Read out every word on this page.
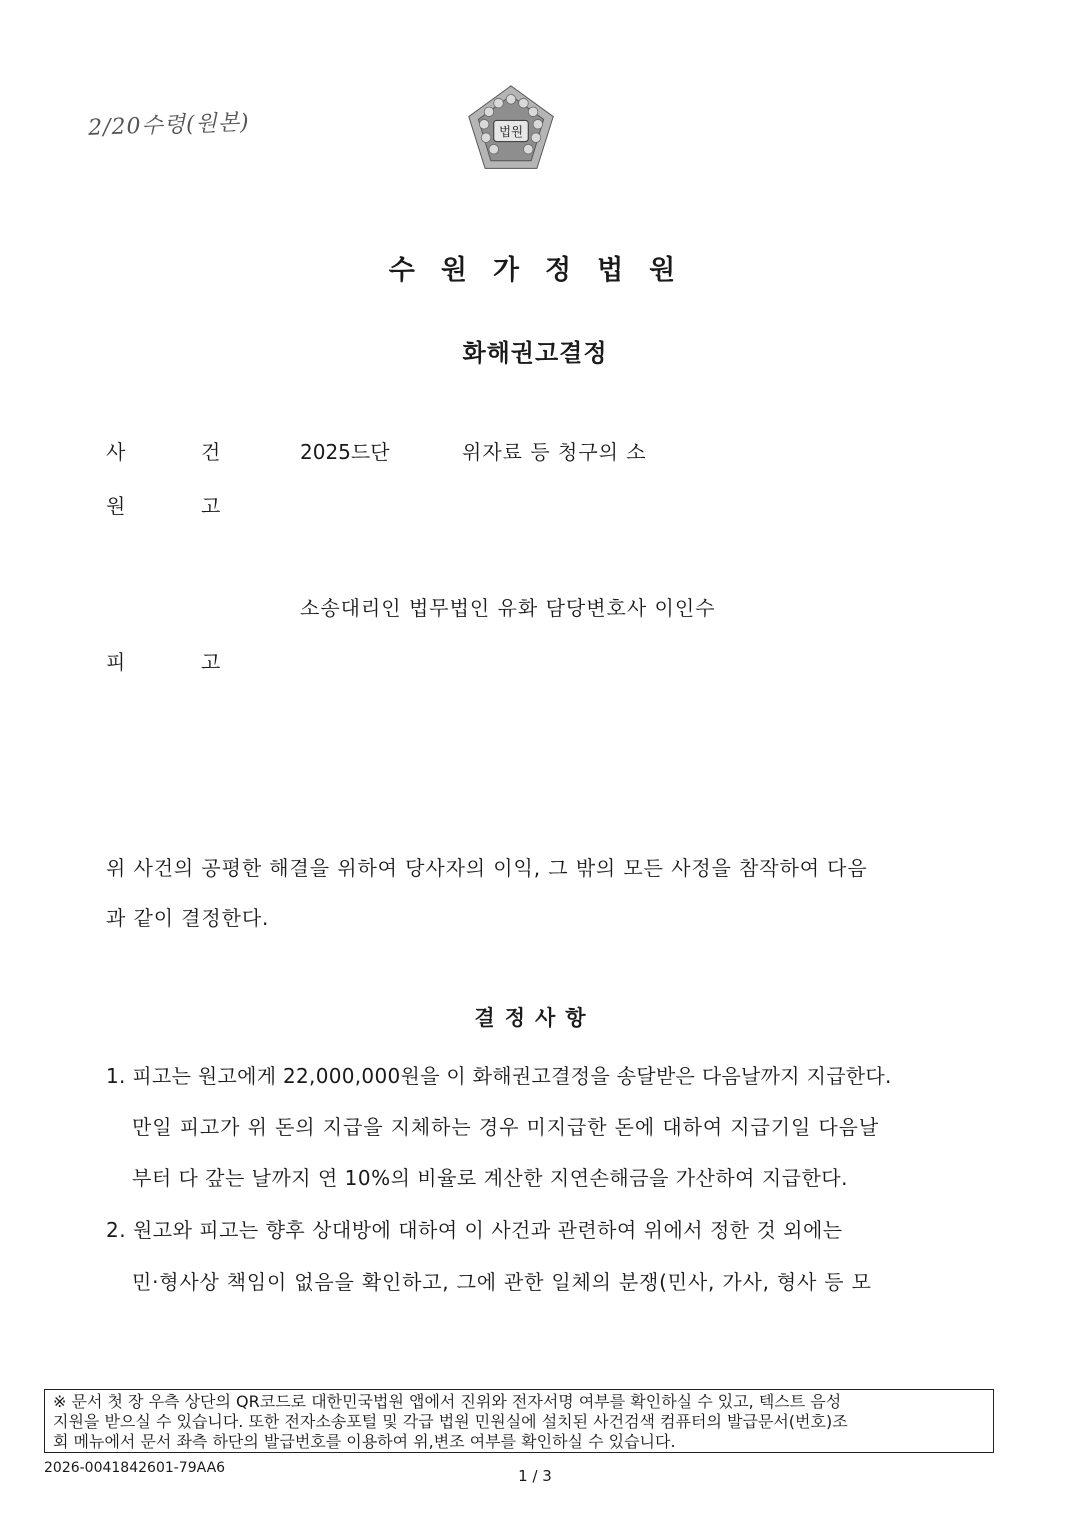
2/20수령(원본)	법원
수원가정법원
화해권고결정
사	건	2025드단	위자료 등 청구의 소
원	고
소송대리인 법무법인 유화 담당변호사 이인수
피	고
위 사건의 공평한 해결을 위하여 당사자의 이익, 그 밖의 모든 사정을 참작하여 다음
과 같이 결정한다.
결정사항
1. 피고는 원고에게 22,000,000원을 이 화해권고결정을 송달받은 다음날까지 지급한다.
만일 피고가 위 돈의 지급을 지체하는 경우 미지급한 돈에 대하여 지급기일 다음날
부터 다 갚는 날까지 연 10%의 비율로 계산한 지연손해금을 가산하여 지급한다.
2. 원고와 피고는 향후 상대방에 대하여 이 사건과 관련하여 위에서 정한 것 외에는
민·형사상 책임이 없음을 확인하고, 그에 관한 일체의 분쟁(민사, 가사, 형사 등 모
※ 문서 첫 장 우측 상단의 QR코드로 대한민국법원 앱에서 진위와 전자서명 여부를 확인하실 수 있고, 텍스트 음성
지원을 받으실 수 있습니다. 또한 전자소송포털 및 각급 법원 민원실에 설치된 사건검색 컴퓨터의 발급문서(번호)조
회 메뉴에서 문서 좌측 하단의 발급번호를 이용하여 위,변조 여부를 확인하실 수 있습니다.
2026-0041842601-79AA6	1 / 3
